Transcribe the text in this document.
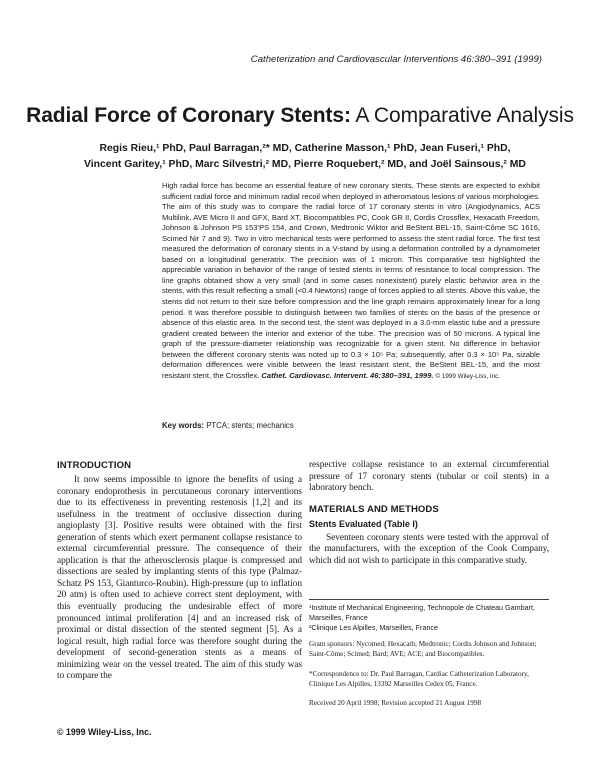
Catheterization and Cardiovascular Interventions 46:380–391 (1999)
Radial Force of Coronary Stents: A Comparative Analysis
Regis Rieu,¹ PhD, Paul Barragan,²* MD, Catherine Masson,¹ PhD, Jean Fuseri,¹ PhD,
Vincent Garitey,¹ PhD, Marc Silvestri,² MD, Pierre Roquebert,² MD, and Joël Sainsous,² MD
High radial force has become an essential feature of new coronary stents. These stents are expected to exhibit sufficient radial force and minimum radial recoil when deployed in atheromatous lesions of various morphologies. The aim of this study was to compare the radial force of 17 coronary stents in vitro (Angiodynamics, ACS Multilink, AVE Micro II and GFX, Bard XT, Biocompatibles PC, Cook GR II, Cordis Crossflex, Hexacath Freedom, Johnson & Johnson PS 153’PS 154, and Crown, Medtronic Wiktor and BeStent BEL-15, Saint-Côme SC 1616, Scimed Nir 7 and 9). Two in vitro mechanical tests were performed to assess the stent radial force. The first test measured the deformation of coronary stents in a V-stand by using a deformation controlled by a dynamometer based on a longitudinal generatrix. The precision was of 1 micron. This comparative test highlighted the appreciable variation in behavior of the range of tested stents in terms of resistance to local compression. The line graphs obtained show a very small (and in some cases nonexistent) purely elastic behavior area in the stents, with this result reflecting a small (<0.4 Newtons) range of forces applied to all stents. Above this value, the stents did not return to their size before compression and the line graph remains approximately linear for a long period. It was therefore possible to distinguish between two families of stents on the basis of the presence or absence of this elastic area. In the second test, the stent was deployed in a 3.0-mm elastic tube and a pressure gradient created between the interior and exterior of the tube. The precision was of 50 microns. A typical line graph of the pressure-diameter relationship was recognizable for a given stent. No difference in behavior between the different coronary stents was noted up to 0.3 × 10⁵ Pa; subsequently, after 0.3 × 10⁵ Pa, sizable deformation differences were visible between the least resistant stent, the BeStent BEL-15, and the most resistant stent, the Crossflex. Cathet. Cardiovasc. Intervent. 46:380–391, 1999. © 1999 Wiley-Liss, Inc.
Key words: PTCA; stents; mechanics
INTRODUCTION

It now seems impossible to ignore the benefits of using a coronary endoprothesis in percutaneous coronary interventions due to its effectiveness in preventing restenosis [1,2] and its usefulness in the treatment of occlusive dissection during angioplasty [3]. Positive results were obtained with the first generation of stents which exert permanent collapse resistance to external circumferential pressure. The consequence of their application is that the atherosclerosis plaque is compressed and dissections are sealed by implanting stents of this type (Palmaz-Schatz PS 153, Gianturco-Roubin). High-pressure (up to inflation 20 atm) is often used to achieve correct stent deployment, with this eventually producing the undesirable effect of more pronounced intimal proliferation [4] and an increased risk of proximal or distal dissection of the stented segment [5]. As a logical result, high radial force was therefore sought during the development of second-generation stents as a means of minimizing wear on the vessel treated. The aim of this study was to compare the

respective collapse resistance to an external circumferential pressure of 17 coronary stents (tubular or coil stents) in a laboratory bench.

MATERIALS AND METHODS
Stents Evaluated (Table I)

Seventeen coronary stents were tested with the approval of the manufacturers, with the exception of the Cook Company, which did not wish to participate in this comparative study.

¹Institute of Mechanical Engineering, Technopole de Chateau Gambart, Marseilles, France
²Clinique Les Alpilles, Marseilles, France

Grant sponsors: Nycomed; Hexacath; Medtronic; Cordis Johnson and Johnson; Saint-Côme; Scimed; Bard; AVE; ACE; and Biocompatibles.

*Correspondence to: Dr. Paul Barragan, Cardiac Catheterization Laboratory, Clinique Les Alpilles, 13392 Marseilles Cedex 05, France.

Received 20 April 1998; Revision accepted 21 August 1998

© 1999 Wiley-Liss, Inc.
